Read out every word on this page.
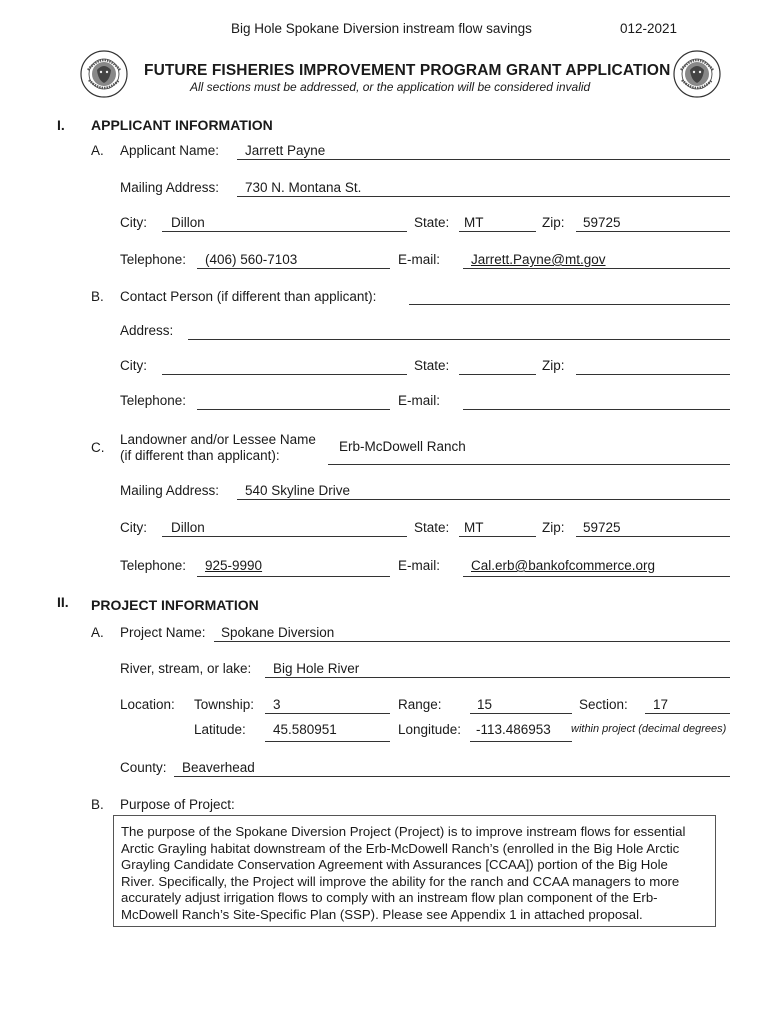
Big Hole Spokane Diversion instream flow savings	012-2021
FUTURE FISHERIES IMPROVEMENT PROGRAM GRANT APPLICATION
All sections must be addressed, or the application will be considered invalid
I. APPLICANT INFORMATION
A. Applicant Name: Jarrett Payne
Mailing Address: 730 N. Montana St.
City: Dillon	State: MT	Zip: 59725
Telephone: (406) 560-7103	E-mail: Jarrett.Payne@mt.gov
B. Contact Person (if different than applicant):
Address:
City:	State:	Zip:
Telephone:	E-mail:
C.
Landowner and/or Lessee Name
(if different than applicant):
Erb-McDowell Ranch
Mailing Address: 540 Skyline Drive
City: Dillon	State: MT	Zip: 59725
Telephone: 925-9990	E-mail: Cal.erb@bankofcommerce.org
II. PROJECT INFORMATION
A. Project Name: Spokane Diversion
River, stream, or lake: Big Hole River
Location: Township: 3	Range:	15	Section: 17
Latitude: 45.580951	Longitude: -113.486953 within project (decimal degrees)
County: Beaverhead
B. Purpose of Project:
The purpose of the Spokane Diversion Project (Project) is to improve instream flows for essential
Arctic Grayling habitat downstream of the Erb-McDowell Ranch’s (enrolled in the Big Hole Arctic
Grayling Candidate Conservation Agreement with Assurances [CCAA]) portion of the Big Hole
River. Specifically, the Project will improve the ability for the ranch and CCAA managers to more
accurately adjust irrigation flows to comply with an instream flow plan component of the Erb-
McDowell Ranch’s Site-Specific Plan (SSP). Please see Appendix 1 in attached proposal.
